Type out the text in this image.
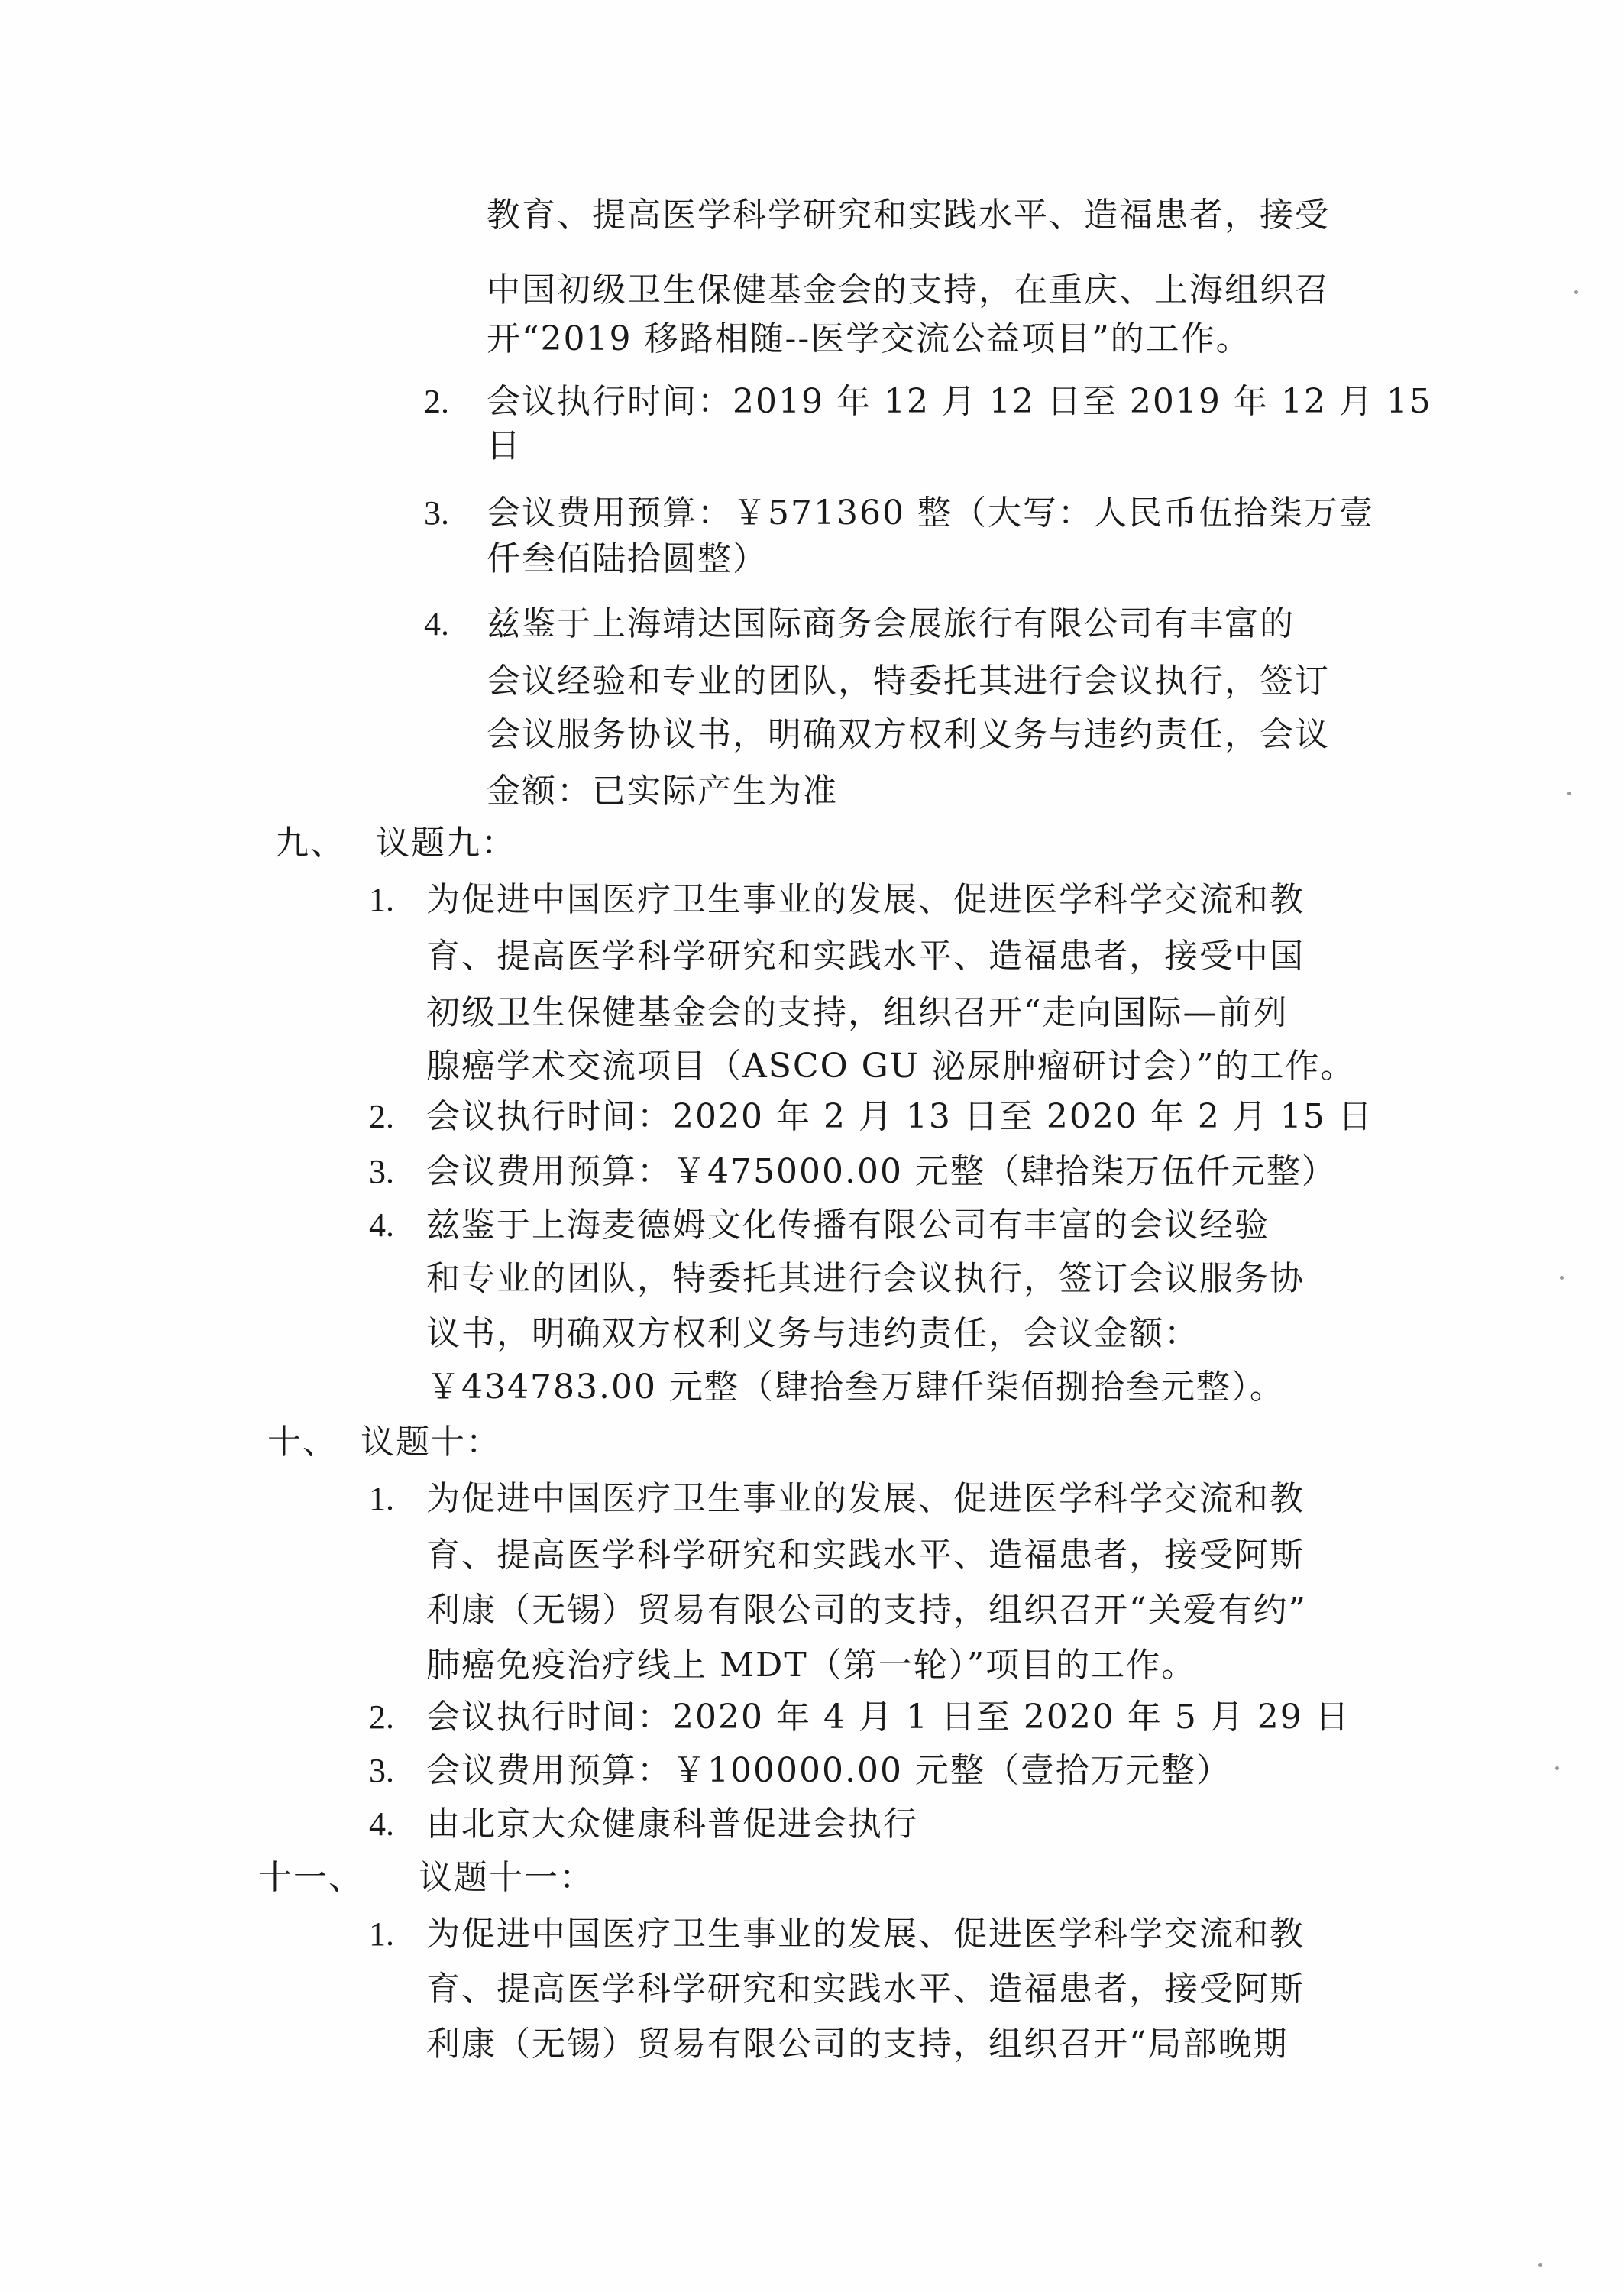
教育、提高医学科学研究和实践水平、造福患者，接受
中国初级卫生保健基金会的支持，在重庆、上海组织召
开“2019 移路相随--医学交流公益项目”的工作。
2. 会议执行时间：2019 年 12 月 12 日至 2019 年 12 月 15
日
3. 会议费用预算：￥571360 整（大写：人民币伍拾柒万壹
仟叁佰陆拾圆整）
4. 兹鉴于上海靖达国际商务会展旅行有限公司有丰富的
会议经验和专业的团队，特委托其进行会议执行，签订
会议服务协议书，明确双方权利义务与违约责任，会议
金额：已实际产生为准
九、 议题九：
1. 为促进中国医疗卫生事业的发展、促进医学科学交流和教
育、提高医学科学研究和实践水平、造福患者，接受中国
初级卫生保健基金会的支持，组织召开“走向国际—前列
腺癌学术交流项目（ASCO GU 泌尿肿瘤研讨会）”的工作。
2. 会议执行时间：2020 年 2 月 13 日至 2020 年 2 月 15 日
3. 会议费用预算：￥475000.00 元整（肆拾柒万伍仟元整）
4. 兹鉴于上海麦德姆文化传播有限公司有丰富的会议经验
和专业的团队，特委托其进行会议执行，签订会议服务协
议书，明确双方权利义务与违约责任，会议金额：
￥434783.00 元整（肆拾叁万肆仟柒佰捌拾叁元整）。
十、 议题十：
1. 为促进中国医疗卫生事业的发展、促进医学科学交流和教
育、提高医学科学研究和实践水平、造福患者，接受阿斯
利康（无锡）贸易有限公司的支持，组织召开“关爱有约”
肺癌免疫治疗线上 MDT（第一轮）”项目的工作。
2. 会议执行时间：2020 年 4 月 1 日至 2020 年 5 月 29 日
3. 会议费用预算：￥100000.00 元整（壹拾万元整）
4. 由北京大众健康科普促进会执行
十一、 议题十一：
1. 为促进中国医疗卫生事业的发展、促进医学科学交流和教
育、提高医学科学研究和实践水平、造福患者，接受阿斯
利康（无锡）贸易有限公司的支持，组织召开“局部晚期
